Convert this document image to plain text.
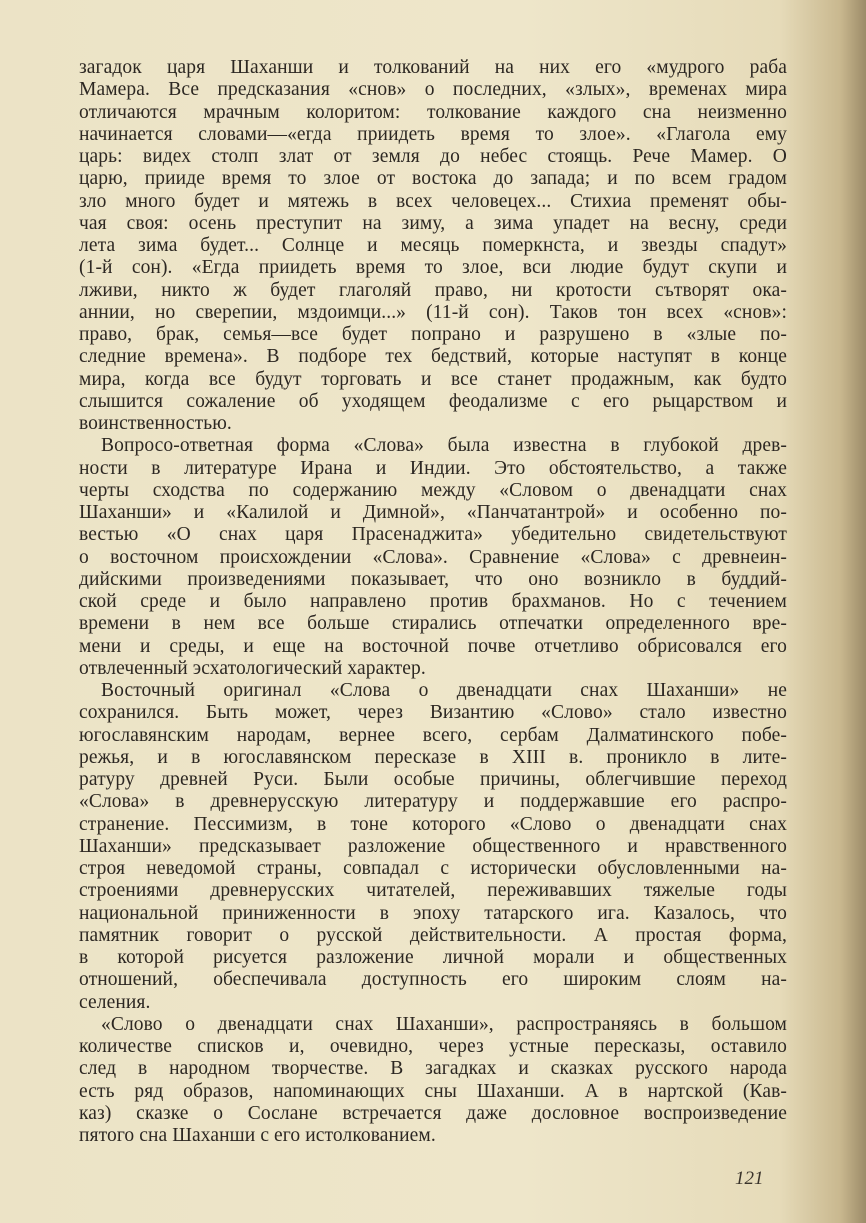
загадок царя Шаханши и толкований на них его «мудрого раба
Мамера. Все предсказания «снов» о последних, «злых», временах мира
отличаются мрачным колоритом: толкование каждого сна неизменно
начинается словами—«егда приидеть время то злое». «Глагола ему
царь: видех столп злат от земля до небес стоящь. Рече Мамер. О
царю, прииде время то злое от востока до запада; и по всем градом
зло много будет и мятежь в всех человецех... Стихиа пременят обы-
чая своя: осень преступит на зиму, а зима упадет на весну, среди
лета зима будет... Солнце и месяць померкнста, и звезды спадут»
(1-й сон). «Егда приидеть время то злое, вси людие будут скупи и
лживи, никто ж будет глаголяй право, ни кротости сътворят ока-
аннии, но сверепии, мздоимци...» (11-й сон). Таков тон всех «снов»:
право, брак, семья—все будет попрано и разрушено в «злые по-
следние времена». В подборе тех бедствий, которые наступят в конце
мира, когда все будут торговать и все станет продажным, как будто
слышится сожаление об уходящем феодализме с его рыцарством и
воинственностью.
Вопросо-ответная форма «Слова» была известна в глубокой древ-
ности в литературе Ирана и Индии. Это обстоятельство, а также
черты сходства по содержанию между «Словом о двенадцати снах
Шаханши» и «Калилой и Димной», «Панчатантрой» и особенно по-
вестью «О снах царя Прасенаджита» убедительно свидетельствуют
о восточном происхождении «Слова». Сравнение «Слова» с древнеин-
дийскими произведениями показывает, что оно возникло в буддий-
ской среде и было направлено против брахманов. Но с течением
времени в нем все больше стирались отпечатки определенного вре-
мени и среды, и еще на восточной почве отчетливо обрисовался его
отвлеченный эсхатологический характер.
Восточный оригинал «Слова о двенадцати снах Шаханши» не
сохранился. Быть может, через Византию «Слово» стало известно
югославянским народам, вернее всего, сербам Далматинского побе-
режья, и в югославянском пересказе в XIII в. проникло в лите-
ратуру древней Руси. Были особые причины, облегчившие переход
«Слова» в древнерусскую литературу и поддержавшие его распро-
странение. Пессимизм, в тоне которого «Слово о двенадцати снах
Шаханши» предсказывает разложение общественного и нравственного
строя неведомой страны, совпадал с исторически обусловленными на-
строениями древнерусских читателей, переживавших тяжелые годы
национальной приниженности в эпоху татарского ига. Казалось, что
памятник говорит о русской действительности. А простая форма,
в которой рисуется разложение личной морали и общественных
отношений, обеспечивала доступность его широким слоям на-
селения.
«Слово о двенадцати снах Шаханши», распространяясь в большом
количестве списков и, очевидно, через устные пересказы, оставило
след в народном творчестве. В загадках и сказках русского народа
есть ряд образов, напоминающих сны Шаханши. А в нартской (Кав-
каз) сказке о Сослане встречается даже дословное воспроизведение
пятого сна Шаханши с его истолкованием.
121
